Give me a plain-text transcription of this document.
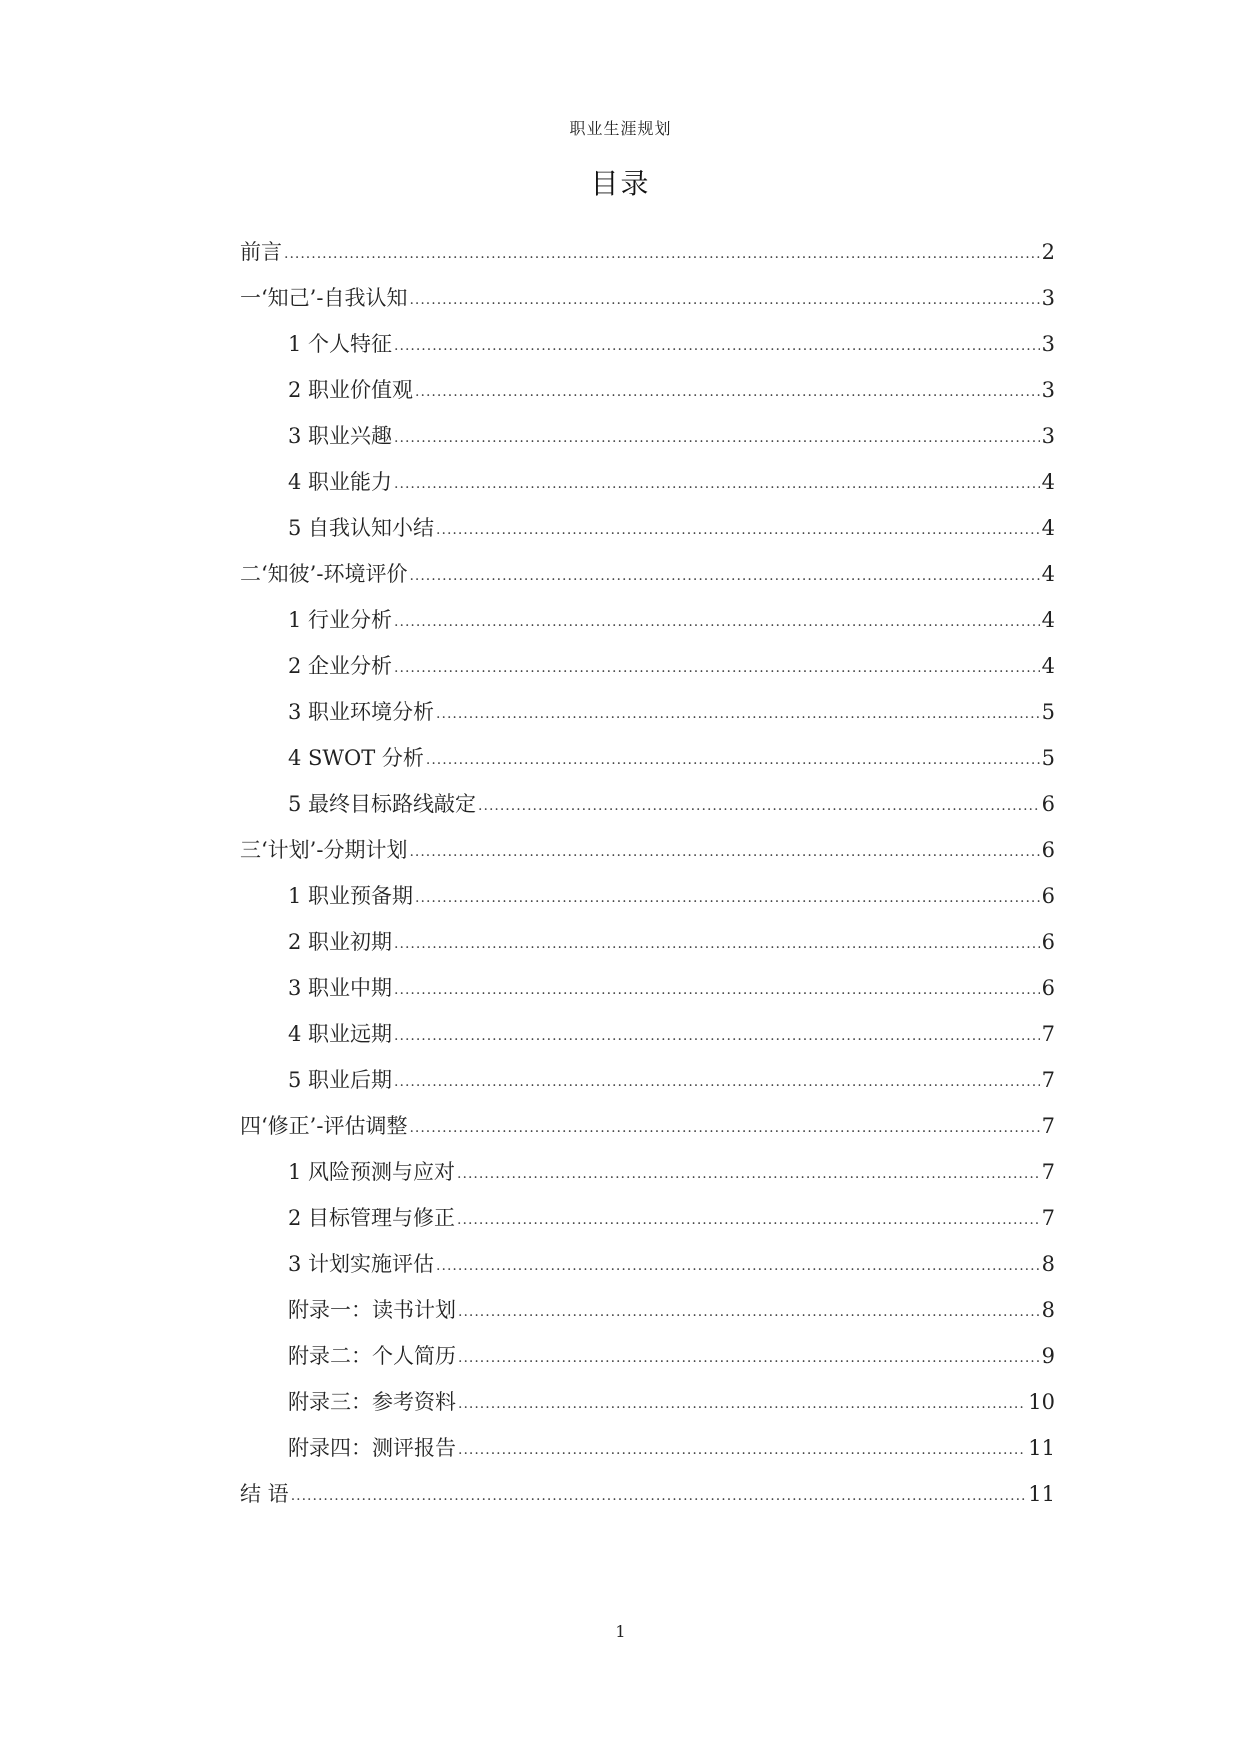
职业生涯规划
目录
前言 .....	2
一‘知己’-自我认知 .....	3
1 个人特征 .....	3
2 职业价值观 .....	3
3 职业兴趣 .....	3
4 职业能力 .....	4
5 自我认知小结 .....	4
二‘知彼’-环境评价 .....	4
1 行业分析 .....	4
2 企业分析 .....	4
3 职业环境分析 .....	5
4 SWOT 分析 .....	5
5 最终目标路线敲定 .....	6
三‘计划’-分期计划 .....	6
1 职业预备期 .....	6
2 职业初期 .....	6
3 职业中期 .....	6
4 职业远期 .....	7
5 职业后期 .....	7
四‘修正’-评估调整 .....	7
1 风险预测与应对 .....	7
2 目标管理与修正 .....	7
3 计划实施评估 .....	8
附录一：读书计划 .....	8
附录二：个人简历 .....	9
附录三：参考资料 .....	10
附录四：测评报告 .....	11
结 语 .....	11
1
